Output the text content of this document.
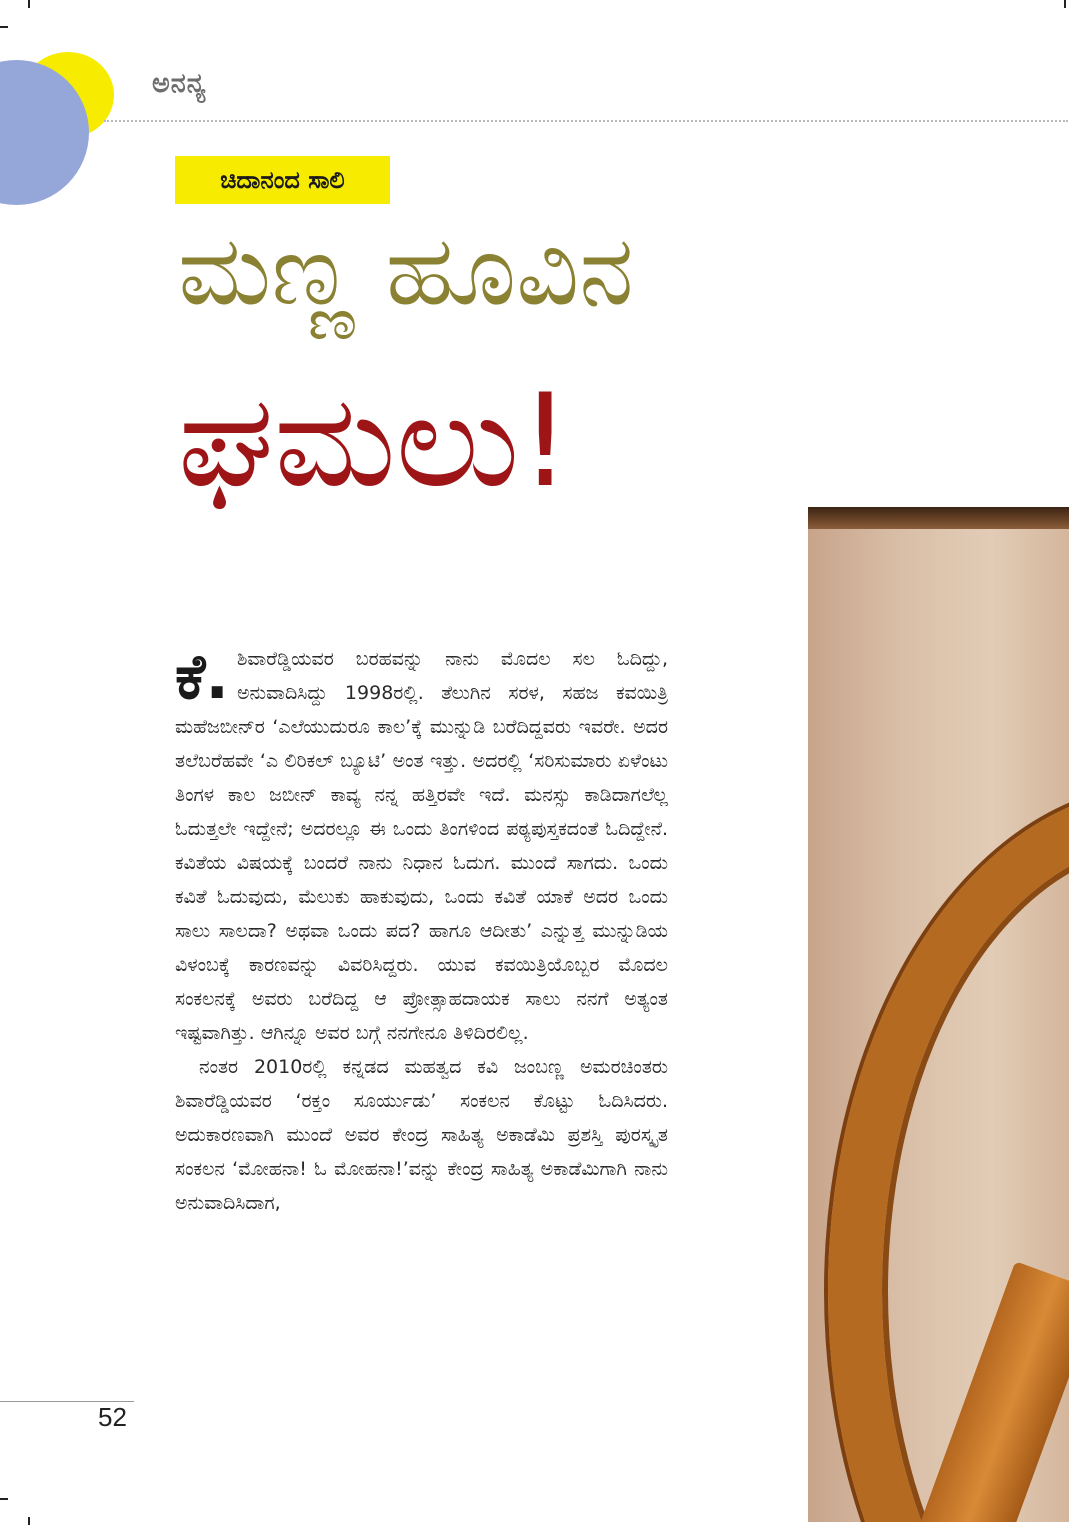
ಅನನ್ಯ
ಚಿದಾನಂದ ಸಾಲಿ
ಮಣ್ಣ ಹೂವಿನ
ಘಮಲು!

ಕೆ. ಶಿವಾರೆಡ್ಡಿಯವರ ಬರಹವನ್ನು ನಾನು ಮೊದಲ ಸಲ ಓದಿದ್ದು, ಅನುವಾದಿಸಿದ್ದು 1998ರಲ್ಲಿ. ತೆಲುಗಿನ ಸರಳ, ಸಹಜ ಕವಯಿತ್ರಿ ಮಹೆಜಬೀನ್‌ರ ‘ಎಲೆಯುದುರೂ ಕಾಲ’ಕ್ಕೆ ಮುನ್ನುಡಿ ಬರೆದಿದ್ದವರು ಇವರೇ. ಅದರ ತಲೆಬರೆಹವೇ ‘ಎ ಲಿರಿಕಲ್ ಬ್ಯೂಟಿ’ ಅಂತ ಇತ್ತು. ಅದರಲ್ಲಿ ‘ಸರಿಸುಮಾರು ಏಳೆಂಟು ತಿಂಗಳ ಕಾಲ ಜಬೀನ್ ಕಾವ್ಯ ನನ್ನ ಹತ್ತಿರವೇ ಇದೆ. ಮನಸ್ಸು ಕಾಡಿದಾಗಲೆಲ್ಲ ಓದುತ್ತಲೇ ಇದ್ದೇನೆ; ಅದರಲ್ಲೂ ಈ ಒಂದು ತಿಂಗಳಿಂದ ಪಠ್ಯಪುಸ್ತಕದಂತೆ ಓದಿದ್ದೇನೆ. ಕವಿತೆಯ ವಿಷಯಕ್ಕೆ ಬಂದರೆ ನಾನು ನಿಧಾನ ಓದುಗ. ಮುಂದೆ ಸಾಗದು. ಒಂದು ಕವಿತೆ ಓದುವುದು, ಮೆಲುಕು ಹಾಕುವುದು, ಒಂದು ಕವಿತೆ ಯಾಕೆ ಅದರ ಒಂದು ಸಾಲು ಸಾಲದಾ? ಅಥವಾ ಒಂದು ಪದ? ಹಾಗೂ ಆದೀತು’ ಎನ್ನುತ್ತ ಮುನ್ನುಡಿಯ ವಿಳಂಬಕ್ಕೆ ಕಾರಣವನ್ನು ವಿವರಿಸಿದ್ದರು. ಯುವ ಕವಯಿತ್ರಿಯೊಬ್ಬರ ಮೊದಲ ಸಂಕಲನಕ್ಕೆ ಅವರು ಬರೆದಿದ್ದ ಆ ಪ್ರೋತ್ಸಾಹದಾಯಕ ಸಾಲು ನನಗೆ ಅತ್ಯಂತ ಇಷ್ಟವಾಗಿತ್ತು. ಆಗಿನ್ನೂ ಅವರ ಬಗ್ಗೆ ನನಗೇನೂ ತಿಳಿದಿರಲಿಲ್ಲ.

ನಂತರ 2010ರಲ್ಲಿ ಕನ್ನಡದ ಮಹತ್ವದ ಕವಿ ಜಂಬಣ್ಣ ಅಮರಚಿಂತರು ಶಿವಾರೆಡ್ಡಿಯವರ ‘ರಕ್ತಂ ಸೂರ್ಯುಡು’ ಸಂಕಲನ ಕೊಟ್ಟು ಓದಿಸಿದರು. ಅದುಕಾರಣವಾಗಿ ಮುಂದೆ ಅವರ ಕೇಂದ್ರ ಸಾಹಿತ್ಯ ಅಕಾಡೆಮಿ ಪ್ರಶಸ್ತಿ ಪುರಸ್ಕೃತ ಸಂಕಲನ ‘ಮೋಹನಾ! ಓ ಮೋಹನಾ!’ವನ್ನು ಕೇಂದ್ರ ಸಾಹಿತ್ಯ ಅಕಾಡೆಮಿಗಾಗಿ ನಾನು ಅನುವಾದಿಸಿದಾಗ,

52
